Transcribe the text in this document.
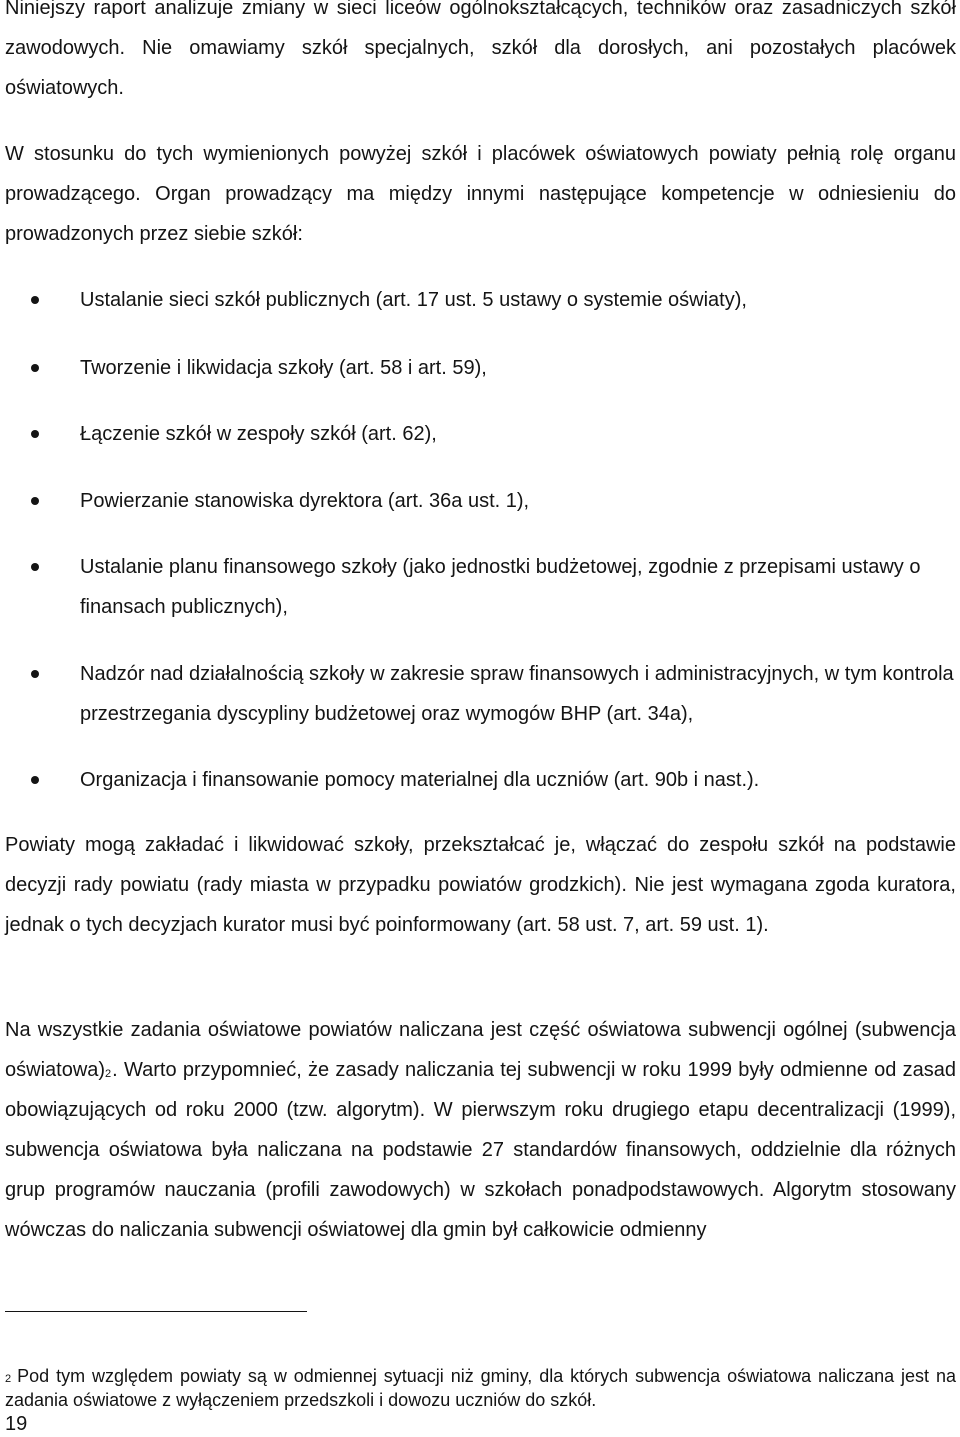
Niniejszy raport analizuje zmiany w sieci liceów ogólnokształcących, techników oraz zasadniczych szkół zawodowych. Nie omawiamy szkół specjalnych, szkół dla dorosłych, ani pozostałych placówek oświatowych.

W stosunku do tych wymienionych powyżej szkół i placówek oświatowych powiaty pełnią rolę organu prowadzącego. Organ prowadzący ma między innymi następujące kompetencje w odniesieniu do prowadzonych przez siebie szkół:

Ustalanie sieci szkół publicznych (art. 17 ust. 5 ustawy o systemie oświaty),
Tworzenie i likwidacja szkoły (art. 58 i art. 59),
Łączenie szkół w zespoły szkół (art. 62),
Powierzanie stanowiska dyrektora (art. 36a ust. 1),
Ustalanie planu finansowego szkoły (jako jednostki budżetowej, zgodnie z przepisami ustawy o finansach publicznych),
Nadzór nad działalnością szkoły w zakresie spraw finansowych i administracyjnych, w tym kontrola przestrzegania dyscypliny budżetowej oraz wymogów BHP (art. 34a),
Organizacja i finansowanie pomocy materialnej dla uczniów (art. 90b i nast.).

Powiaty mogą zakładać i likwidować szkoły, przekształcać je, włączać do zespołu szkół na podstawie decyzji rady powiatu (rady miasta w przypadku powiatów grodzkich). Nie jest wymagana zgoda kuratora, jednak o tych decyzjach kurator musi być poinformowany (art. 58 ust. 7, art. 59 ust. 1).

Na wszystkie zadania oświatowe powiatów naliczana jest część oświatowa subwencji ogólnej (subwencja oświatowa)$^2$. Warto przypomnieć, że zasady naliczania tej subwencji w roku 1999 były odmienne od zasad obowiązujących od roku 2000 (tzw. algorytm). W pierwszym roku drugiego etapu decentralizacji (1999), subwencja oświatowa była naliczana na podstawie 27 standardów finansowych, oddzielnie dla różnych grup programów nauczania (profili zawodowych) w szkołach ponadpodstawowych. Algorytm stosowany wówczas do naliczania subwencji oświatowej dla gmin był całkowicie odmienny

$^2$ Pod tym względem powiaty są w odmiennej sytuacji niż gminy, dla których subwencja oświatowa naliczana jest na zadania oświatowe z wyłączeniem przedszkoli i dowozu uczniów do szkół.

19
